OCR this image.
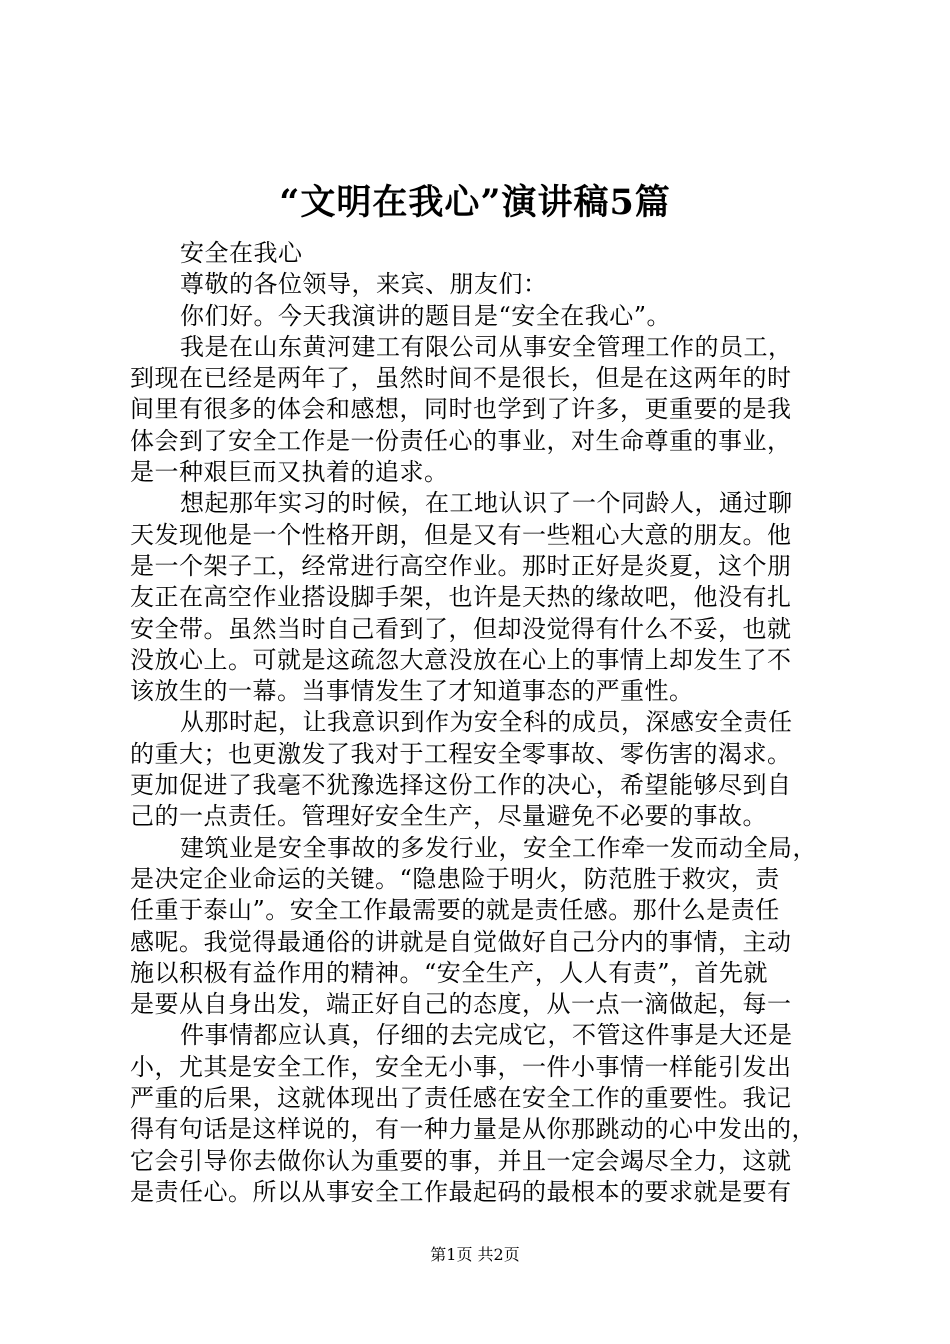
“文明在我心”演讲稿5篇
安全在我心
尊敬的各位领导，来宾、朋友们：
你们好。今天我演讲的题目是“安全在我心”。
我是在山东黄河建工有限公司从事安全管理工作的员工，
到现在已经是两年了，虽然时间不是很长，但是在这两年的时
间里有很多的体会和感想，同时也学到了许多，更重要的是我
体会到了安全工作是一份责任心的事业，对生命尊重的事业，
是一种艰巨而又执着的追求。
想起那年实习的时候，在工地认识了一个同龄人，通过聊
天发现他是一个性格开朗，但是又有一些粗心大意的朋友。他
是一个架子工，经常进行高空作业。那时正好是炎夏，这个朋
友正在高空作业搭设脚手架，也许是天热的缘故吧，他没有扎
安全带。虽然当时自己看到了，但却没觉得有什么不妥，也就
没放心上。可就是这疏忽大意没放在心上的事情上却发生了不
该放生的一幕。当事情发生了才知道事态的严重性。
从那时起，让我意识到作为安全科的成员，深感安全责任
的重大；也更激发了我对于工程安全零事故、零伤害的渴求。
更加促进了我毫不犹豫选择这份工作的决心，希望能够尽到自
己的一点责任。管理好安全生产，尽量避免不必要的事故。
建筑业是安全事故的多发行业，安全工作牵一发而动全局，
是决定企业命运的关键。“隐患险于明火，防范胜于救灾，责
任重于泰山”。安全工作最需要的就是责任感。那什么是责任
感呢。我觉得最通俗的讲就是自觉做好自己分内的事情，主动
施以积极有益作用的精神。“安全生产，人人有责”，首先就
是要从自身出发，端正好自己的态度，从一点一滴做起，每一
件事情都应认真，仔细的去完成它，不管这件事是大还是
小，尤其是安全工作，安全无小事，一件小事情一样能引发出
严重的后果，这就体现出了责任感在安全工作的重要性。我记
得有句话是这样说的，有一种力量是从你那跳动的心中发出的，
它会引导你去做你认为重要的事，并且一定会竭尽全力，这就
是责任心。所以从事安全工作最起码的最根本的要求就是要有
第1页 共2页
